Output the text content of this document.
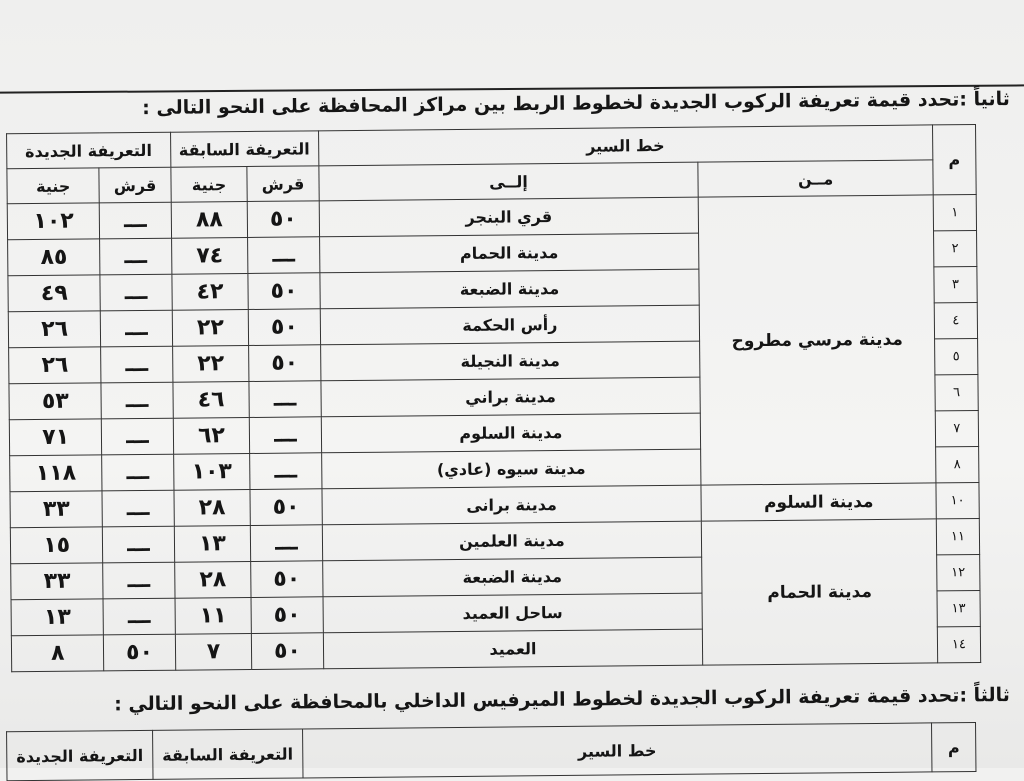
ثانياً :تحدد قيمة تعريفة الركوب الجديدة لخطوط الربط بين مراكز المحافظة على النحو التالى :
م	خط السير		التعريفة السابقة		التعريفة الجديدة	
	مــن	إلــى	قرش	جنية	قرش	جنية
١	مدينة مرسي مطروح	قري البنجر	٥٠	٨٨	ـــ	١٠٢
٢		مدينة الحمام	ـــ	٧٤	ـــ	٨٥
٣		مدينة الضبعة	٥٠	٤٢	ـــ	٤٩
٤		رأس الحكمة	٥٠	٢٢	ـــ	٢٦
٥		مدينة النجيلة	٥٠	٢٢	ـــ	٢٦
٦		مدينة براني	ـــ	٤٦	ـــ	٥٣
٧		مدينة السلوم	ـــ	٦٢	ـــ	٧١
٨		مدينة سيوه (عادي)	ـــ	١٠٣	ـــ	١١٨
١٠	مدينة السلوم	مدينة برانى	٥٠	٢٨	ـــ	٣٣
١١	مدينة الحمام	مدينة العلمين	ـــ	١٣	ـــ	١٥
١٢		مدينة الضبعة	٥٠	٢٨	ـــ	٣٣
١٣		ساحل العميد	٥٠	١١	ـــ	١٣
١٤		العميد	٥٠	٧	٥٠	٨
ثالثاً :تحدد قيمة تعريفة الركوب الجديدة لخطوط الميرفيس الداخلي بالمحافظة على النحو التالي :
م	خط السير	التعريفة السابقة	التعريفة الجديدة
